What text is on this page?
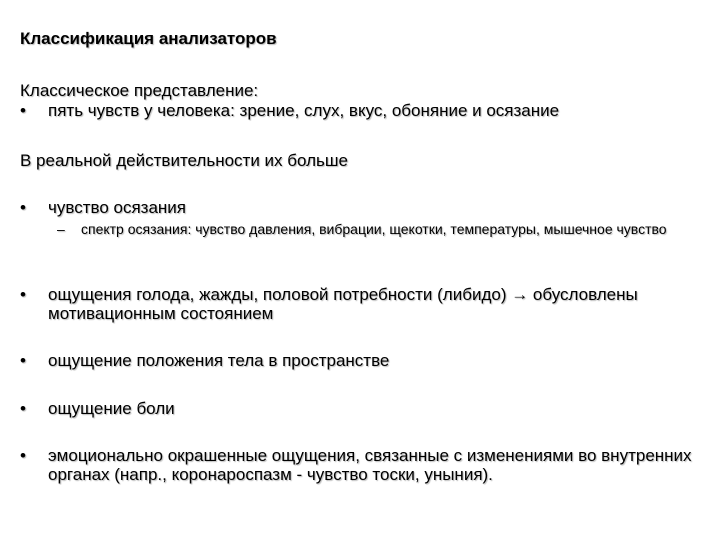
Классификация анализаторов
Классическое представление:
• пять чувств у человека: зрение, слух, вкус, обоняние и осязание
В реальной действительности их больше
• чувство осязания
– спектр осязания: чувство давления, вибрации, щекотки, температуры, мышечное чувство
• ощущения голода, жажды, половой потребности (либидо) → обусловлены мотивационным состоянием
• ощущение положения тела в пространстве
• ощущение боли
• эмоционально окрашенные ощущения, связанные с изменениями во внутренних органах (напр., коронароспазм - чувство тоски, уныния).
